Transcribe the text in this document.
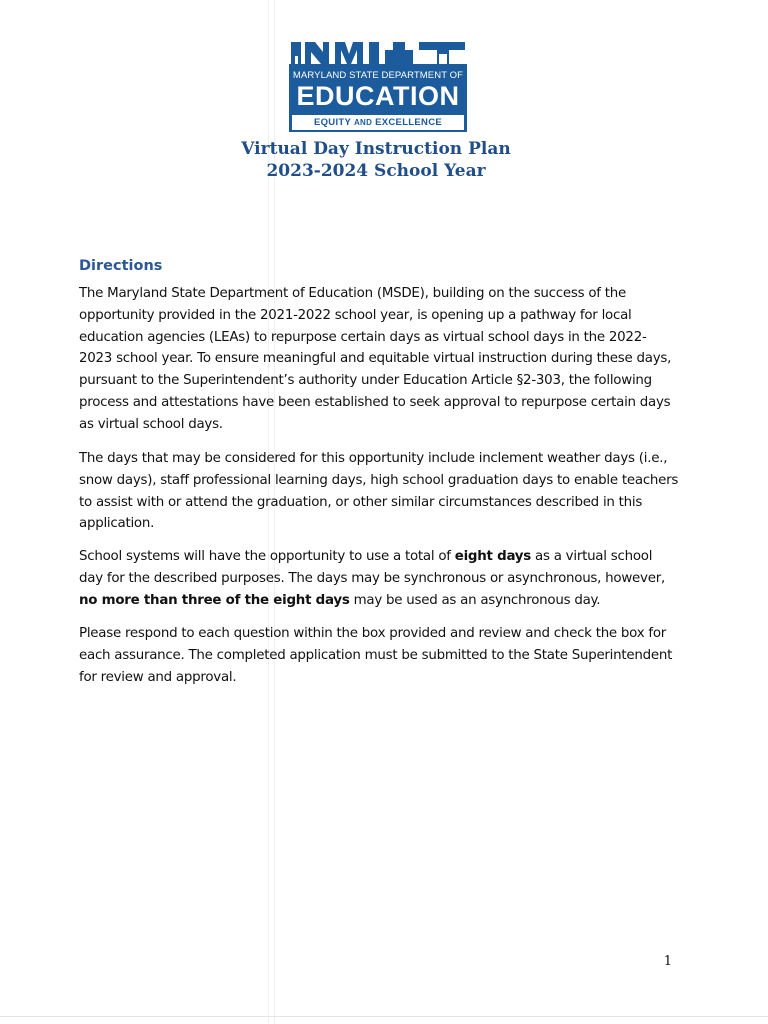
MARYLAND STATE DEPARTMENT OF
EDUCATION
EQUITY AND EXCELLENCE
Virtual Day Instruction Plan
2023-2024 School Year
Directions
The Maryland State Department of Education (MSDE), building on the success of the opportunity provided in the 2021-2022 school year, is opening up a pathway for local education agencies (LEAs) to repurpose certain days as virtual school days in the 2022-2023 school year. To ensure meaningful and equitable virtual instruction during these days, pursuant to the Superintendent’s authority under Education Article §2-303, the following process and attestations have been established to seek approval to repurpose certain days as virtual school days.
The days that may be considered for this opportunity include inclement weather days (i.e., snow days), staff professional learning days, high school graduation days to enable teachers to assist with or attend the graduation, or other similar circumstances described in this application.
School systems will have the opportunity to use a total of eight days as a virtual school day for the described purposes. The days may be synchronous or asynchronous, however, no more than three of the eight days may be used as an asynchronous day.
Please respond to each question within the box provided and review and check the box for each assurance. The completed application must be submitted to the State Superintendent for review and approval.
1
